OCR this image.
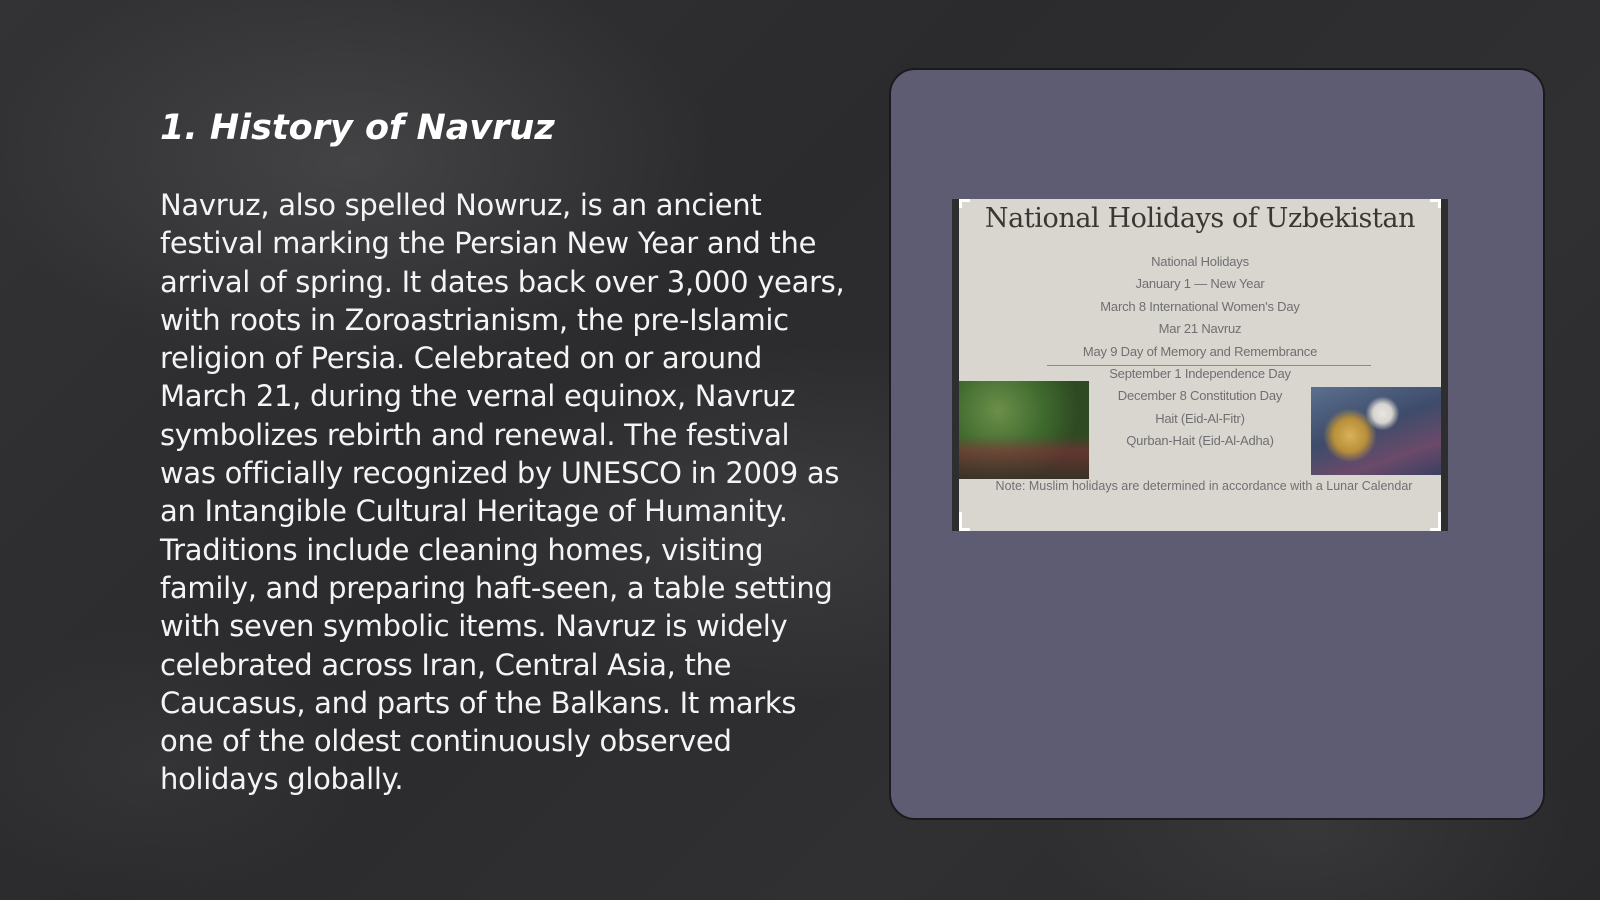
1. History of Navruz

Navruz, also spelled Nowruz, is an ancient festival marking the Persian New Year and the arrival of spring. It dates back over 3,000 years, with roots in Zoroastrianism, the pre-Islamic religion of Persia. Celebrated on or around March 21, during the vernal equinox, Navruz symbolizes rebirth and renewal. The festival was officially recognized by UNESCO in 2009 as an Intangible Cultural Heritage of Humanity. Traditions include cleaning homes, visiting family, and preparing haft-seen, a table setting with seven symbolic items. Navruz is widely celebrated across Iran, Central Asia, the Caucasus, and parts of the Balkans. It marks one of the oldest continuously observed holidays globally.

National Holidays of Uzbekistan
National Holidays
January 1 — New Year
March 8 International Women's Day
Mar 21 Navruz
May 9 Day of Memory and Remembrance
September 1 Independence Day
December 8 Constitution Day
Hait (Eid-Al-Fitr)
Qurban-Hait (Eid-Al-Adha)
Note: Muslim holidays are determined in accordance with a Lunar Calendar
